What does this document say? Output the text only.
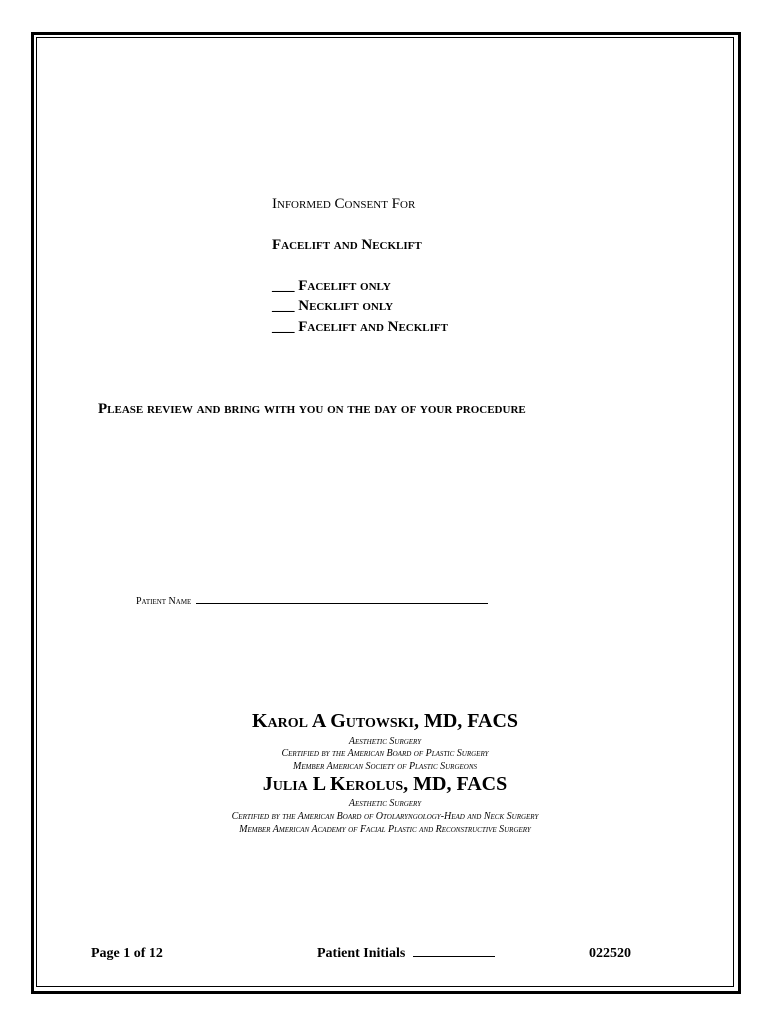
Informed Consent For
Facelift and Necklift
___ Facelift only
___ Necklift only
___ Facelift and Necklift
Please review and bring with you on the day of your procedure
Patient Name
Karol A Gutowski, MD, FACS
Aesthetic Surgery
Certified by the American Board of Plastic Surgery
Member American Society of Plastic Surgeons
Julia L Kerolus, MD, FACS
Aesthetic Surgery
Certified by the American Board of Otolaryngology-Head and Neck Surgery
Member American Academy of Facial Plastic and Reconstructive Surgery
Page 1 of 12	Patient Initials	022520
